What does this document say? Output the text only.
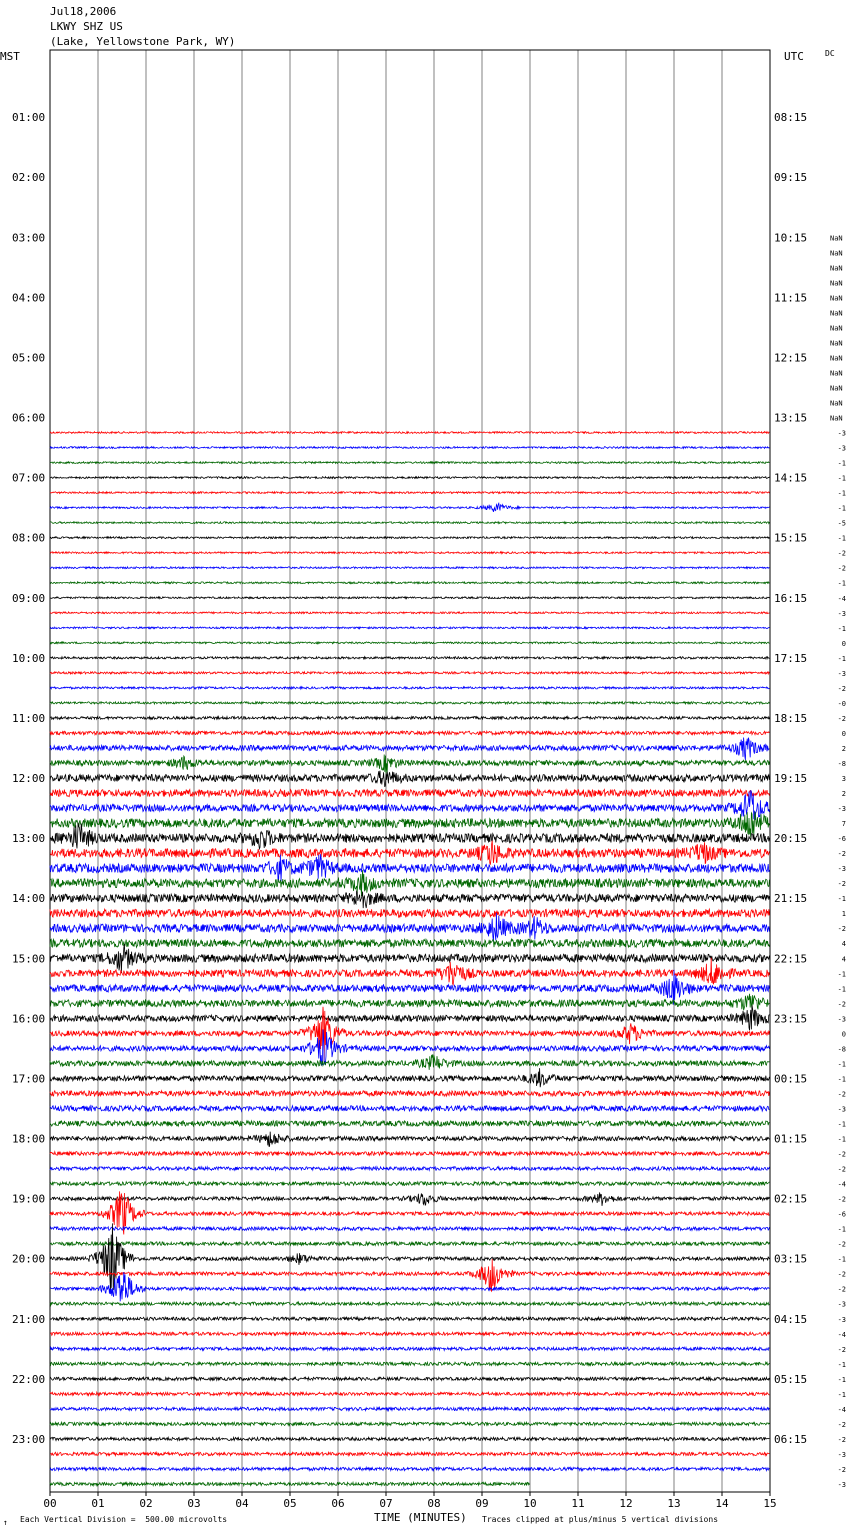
01:00
02:00
03:00
04:00
05:00
06:00
07:00
08:00
09:00
10:00
11:00
12:00
13:00
14:00
15:00
16:00
17:00
18:00
19:00
20:00
21:00
22:00
23:00
08:15
09:15
10:15
11:15
12:15
13:15
14:15
15:15
16:15
17:15
18:15
19:15
20:15
21:15
22:15
23:15
00:15
01:15
02:15
03:15
04:15
05:15
06:15
NaN
NaN
NaN
NaN
NaN
NaN
NaN
NaN
NaN
NaN
NaN
NaN
NaN
-3
-3
-1
-1
-1
-1
-5
-1
-2
-2
-1
-4
-3
-1
0
-1
-3
-2
-0
-2
0
2
-8
3
2
-3
7
-6
-2
-3
-2
-1
1
-2
4
4
-1
-1
-2
-3
0
-8
-1
-1
-2
-3
-1
-1
-2
-2
-4
-2
-6
-1
-2
-1
-2
-2
-3
-3
-4
-2
-1
-1
-1
-4
-2
-2
-3
-2
-3
00	01	02	03	04	05	06	07	08	09	10	11	12	13	14	15
Jul18,2006
LKWY SHZ US
(Lake, Yellowstone Park, WY)
MST	UTC	DC
↑ Each Vertical Division =  500.00 microvolts	TIME (MINUTES) Traces clipped at plus/minus 5 vertical divisions
